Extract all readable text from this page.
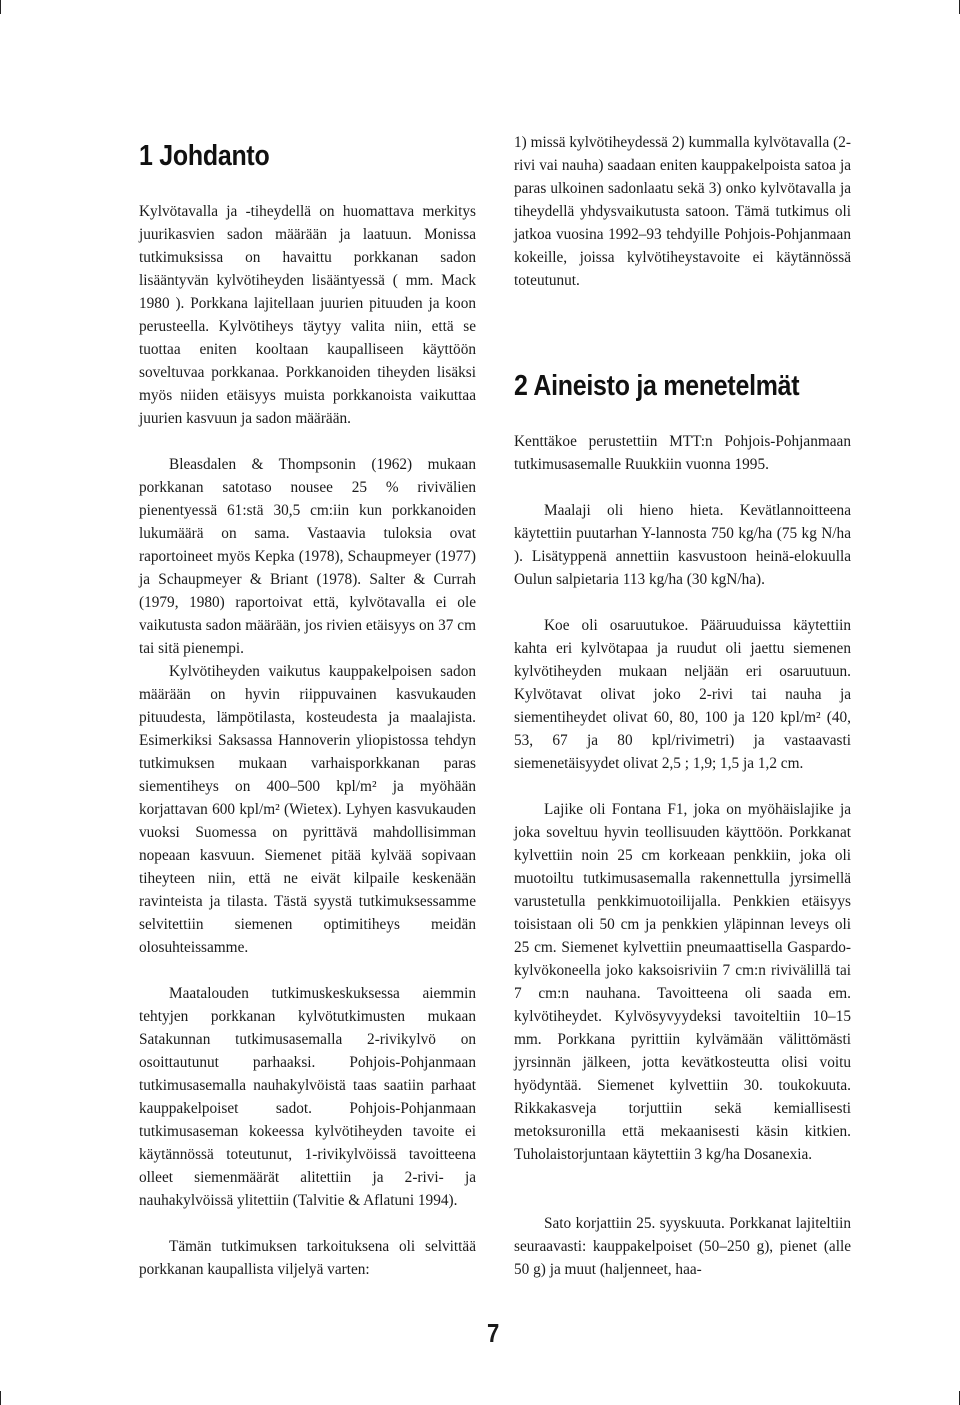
1 Johdanto

Kylvötavalla ja -tiheydellä on huomattava merkitys juurikasvien sadon määrään ja laatuun. Monissa tutkimuksissa on havaittu porkkanan sadon lisääntyvän kylvötiheyden lisääntyessä ( mm. Mack 1980 ). Porkkana lajitellaan juurien pituuden ja koon perusteella. Kylvötiheys täytyy valita niin, että se tuottaa eniten kooltaan kaupalliseen käyttöön soveltuvaa porkkanaa. Porkkanoiden tiheyden lisäksi myös niiden etäisyys muista porkkanoista vaikuttaa juurien kasvuun ja sadon määrään.

Bleasdalen & Thompsonin (1962) mukaan porkkanan satotaso nousee 25 % rivivälien pienentyessä 61:stä 30,5 cm:iin kun porkkanoiden lukumäärä on sama. Vastaavia tuloksia ovat raportoineet myös Kepka (1978), Schaupmeyer (1977) ja Schaupmeyer & Briant (1978). Salter & Currah (1979, 1980) raportoivat että, kylvötavalla ei ole vaikutusta sadon määrään, jos rivien etäisyys on 37 cm tai sitä pienempi.

Kylvötiheyden vaikutus kauppakelpoisen sadon määrään on hyvin riippuvainen kasvukauden pituudesta, lämpötilasta, kosteudesta ja maalajista. Esimerkiksi Saksassa Hannoverin yliopistossa tehdyn tutkimuksen mukaan varhaisporkkanan paras siementiheys on 400–500 kpl/m² ja myöhään korjattavan 600 kpl/m² (Wietex). Lyhyen kasvukauden vuoksi Suomessa on pyrittävä mahdollisimman nopeaan kasvuun. Siemenet pitää kylvää sopivaan tiheyteen niin, että ne eivät kilpaile keskenään ravinteista ja tilasta. Tästä syystä tutkimuksessamme selvitettiin siemenen optimitiheys meidän olosuhteissamme.

Maatalouden tutkimuskeskuksessa aiemmin tehtyjen porkkanan kylvötutkimusten mukaan Satakunnan tutkimusasemalla 2-rivikylvö on osoittautunut parhaaksi. Pohjois-Pohjanmaan tutkimusasemalla nauhakylvöistä taas saatiin parhaat kauppakelpoiset sadot. Pohjois-Pohjanmaan tutkimusaseman kokeessa kylvötiheyden tavoite ei käytännössä toteutunut, 1-rivikylvöissä tavoitteena olleet siemenmäärät alitettiin ja 2-rivi- ja nauhakylvöissä ylitettiin (Talvitie & Aflatuni 1994).

Tämän tutkimuksen tarkoituksena oli selvittää porkkanan kaupallista viljelyä varten:

1) missä kylvötiheydessä 2) kummalla kylvötavalla (2-rivi vai nauha) saadaan eniten kauppakelpoista satoa ja paras ulkoinen sadonlaatu sekä 3) onko kylvötavalla ja tiheydellä yhdysvaikutusta satoon. Tämä tutkimus oli jatkoa vuosina 1992–93 tehdyille Pohjois-Pohjanmaan kokeille, joissa kylvötiheystavoite ei käytännössä toteutunut.

2 Aineisto ja menetelmät

Kenttäkoe perustettiin MTT:n Pohjois-Pohjanmaan tutkimusasemalle Ruukkiin vuonna 1995.

Maalaji oli hieno hieta. Kevätlannoitteena käytettiin puutarhan Y-lannosta 750 kg/ha (75 kg N/ha ). Lisätyppenä annettiin kasvustoon heinä-elokuulla Oulun salpietaria 113 kg/ha (30 kgN/ha).

Koe oli osaruutukoe. Pääruuduissa käytettiin kahta eri kylvötapaa ja ruudut oli jaettu siemenen kylvötiheyden mukaan neljään eri osaruutuun. Kylvötavat olivat joko 2-rivi tai nauha ja siementiheydet olivat 60, 80, 100 ja 120 kpl/m² (40, 53, 67 ja 80 kpl/rivimetri) ja vastaavasti siemenetäisyydet olivat 2,5 ; 1,9; 1,5 ja 1,2 cm.

Lajike oli Fontana F1, joka on myöhäislajike ja joka soveltuu hyvin teollisuuden käyttöön. Porkkanat kylvettiin noin 25 cm korkeaan penkkiin, joka oli muotoiltu tutkimusasemalla rakennettulla jyrsimellä varustetulla penkkimuotoilijalla. Penkkien etäisyys toisistaan oli 50 cm ja penkkien yläpinnan leveys oli 25 cm. Siemenet kylvettiin pneumaattisella Gaspardo-kylvökoneella joko kaksoisriviin 7 cm:n rivivälillä tai 7 cm:n nauhana. Tavoitteena oli saada em. kylvötiheydet. Kylvösyvyydeksi tavoiteltiin 10–15 mm. Porkkana pyrittiin kylvämään välittömästi jyrsinnän jälkeen, jotta kevätkosteutta olisi voitu hyödyntää. Siemenet kylvettiin 30. toukokuuta. Rikkakasveja torjuttiin sekä kemiallisesti metoksuronilla että mekaanisesti käsin kitkien. Tuholaistorjuntaan käytettiin 3 kg/ha Dosanexia.

Sato korjattiin 25. syyskuuta. Porkkanat lajiteltiin seuraavasti: kauppakelpoiset (50–250 g), pienet (alle 50 g) ja muut (haljenneet, haa-

7
